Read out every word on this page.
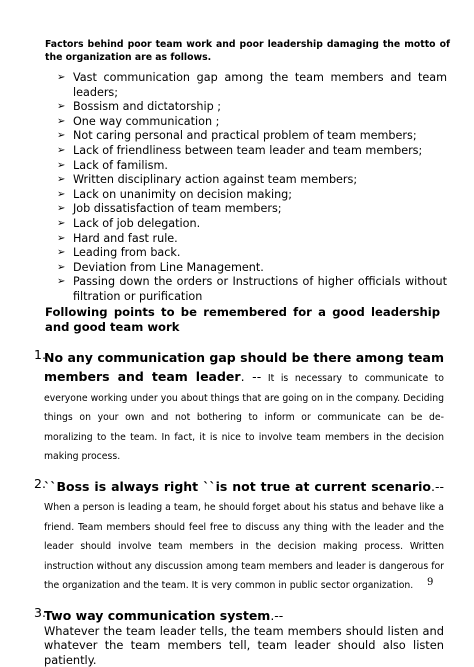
Factors behind poor team work and poor leadership damaging the motto of the organization are as follows.
➢ Vast communication gap among the team members and team leaders;
➢ Bossism and dictatorship ;
➢ One way communication ;
➢ Not caring personal and practical problem of team members;
➢ Lack of friendliness between team leader and team members;
➢ Lack of familism.
➢ Written disciplinary action against team members;
➢ Lack on unanimity on decision making;
➢ Job dissatisfaction of team members;
➢ Lack of job delegation.
➢ Hard and fast rule.
➢ Leading from back.
➢ Deviation from Line Management.
➢ Passing down the orders or Instructions of higher officials without filtration or purification
Following points to be remembered for a good leadership and good team work
1.
No any communication gap should be there among team members and team leader. -- It is necessary to communicate to everyone working under you about things that are going on in the company. Deciding things on your own and not bothering to inform or communicate can be de-moralizing to the team. In fact, it is nice to involve team members in the decision making process.
2.
``Boss is always right ``is not true at current scenario.-- When a person is leading a team, he should forget about his status and behave like a friend. Team members should feel free to discuss any thing with the leader and the leader should involve team members in the decision making process. Written instruction without any discussion among team members and leader is dangerous for the organization and the team. It is very common in public sector organization.
3.
Two way communication system.--
Whatever the team leader tells, the team members should listen and whatever the team members tell, team leader should also listen patiently.
9
